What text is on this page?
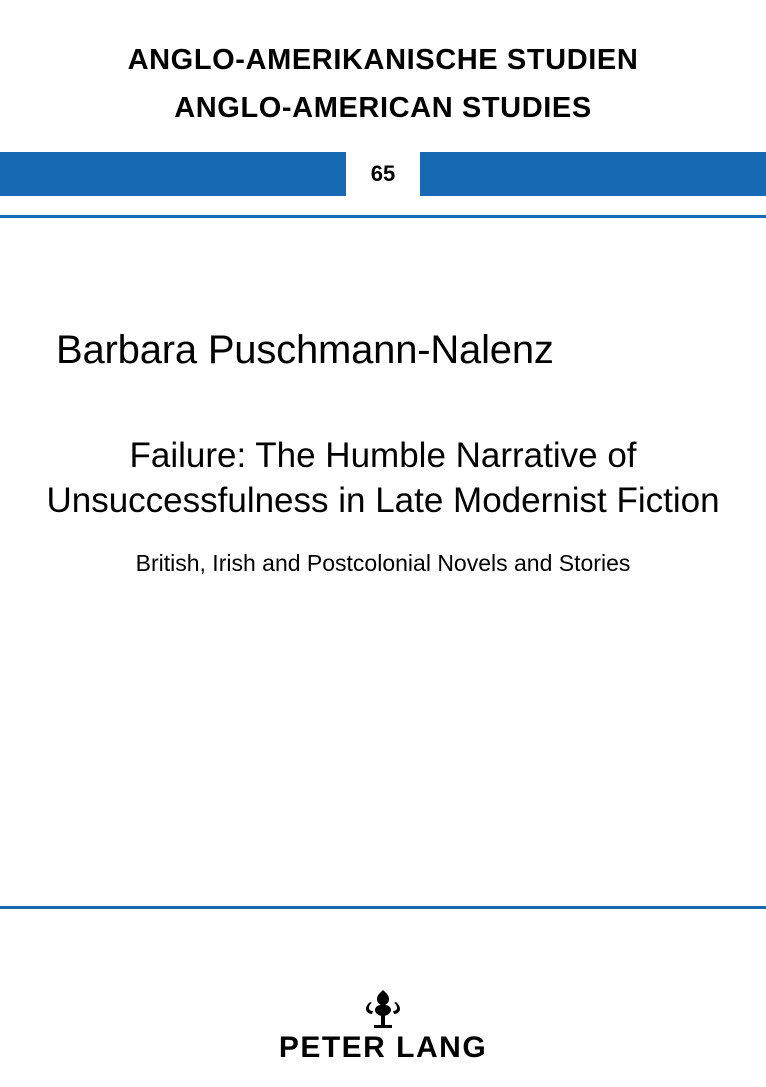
ANGLO-AMERIKANISCHE STUDIEN
ANGLO-AMERICAN STUDIES
65
Barbara Puschmann-Nalenz
Failure: The Humble Narrative of Unsuccessfulness in Late Modernist Fiction

British, Irish and Postcolonial Novels and Stories

PETER LANG
